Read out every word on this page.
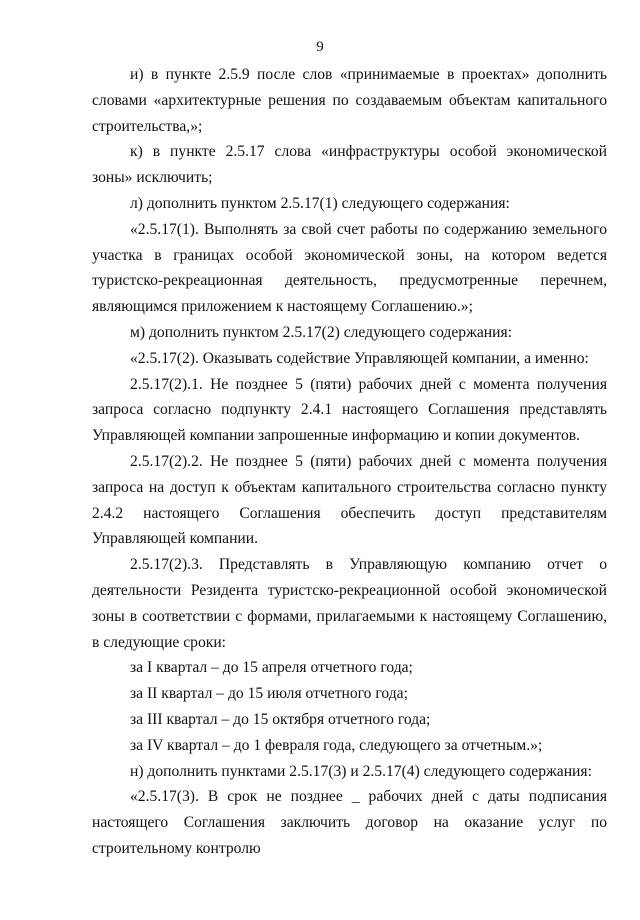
9

и) в пункте 2.5.9 после слов «принимаемые в проектах» дополнить словами «архитектурные решения по создаваемым объектам капитального строительства,»;

к) в пункте 2.5.17 слова «инфраструктуры особой экономической зоны» исключить;

л) дополнить пунктом 2.5.17(1) следующего содержания:

«2.5.17(1). Выполнять за свой счет работы по содержанию земельного участка в границах особой экономической зоны, на котором ведется туристско-рекреационная деятельность, предусмотренные перечнем, являющимся приложением к настоящему Соглашению.»;

м) дополнить пунктом 2.5.17(2) следующего содержания:

«2.5.17(2). Оказывать содействие Управляющей компании, а именно:

2.5.17(2).1. Не позднее 5 (пяти) рабочих дней с момента получения запроса согласно подпункту 2.4.1 настоящего Соглашения представлять Управляющей компании запрошенные информацию и копии документов.

2.5.17(2).2. Не позднее 5 (пяти) рабочих дней с момента получения запроса на доступ к объектам капитального строительства согласно пункту 2.4.2 настоящего Соглашения обеспечить доступ представителям Управляющей компании.

2.5.17(2).3. Представлять в Управляющую компанию отчет о деятельности Резидента туристско-рекреационной особой экономической зоны в соответствии с формами, прилагаемыми к настоящему Соглашению, в следующие сроки:

за I квартал – до 15 апреля отчетного года;

за II квартал – до 15 июля отчетного года;

за III квартал – до 15 октября отчетного года;

за IV квартал – до 1 февраля года, следующего за отчетным.»;

н) дополнить пунктами 2.5.17(3) и 2.5.17(4) следующего содержания:

«2.5.17(3). В срок не позднее _ рабочих дней с даты подписания настоящего Соглашения заключить договор на оказание услуг по строительному контролю
